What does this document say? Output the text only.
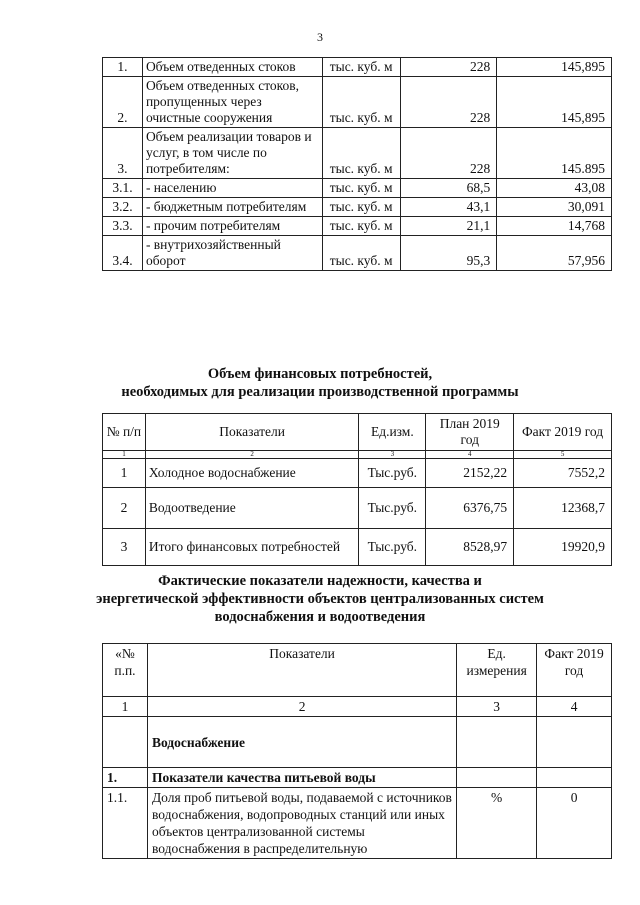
3
1.	Объем отведенных стоков	тыс. куб. м	228	145,895
2.	Объем отведенных стоков, пропущенных через очистные сооружения	тыс. куб. м	228	145,895
3.	Объем реализации товаров и услуг, в том числе по потребителям:	тыс. куб. м	228	145.895
3.1.	- населению	тыс. куб. м	68,5	43,08
3.2.	- бюджетным потребителям	тыс. куб. м	43,1	30,091
3.3.	- прочим потребителям	тыс. куб. м	21,1	14,768
3.4.	- внутрихозяйственный оборот	тыс. куб. м	95,3	57,956
Объем финансовых потребностей,
необходимых для реализации производственной программы
№ п/п	Показатели	Ед.изм.	План 2019 год	Факт 2019 год
1	2	3	4	5
1	Холодное водоснабжение	Тыс.руб.	2152,22	7552,2
2	Водоотведение	Тыс.руб.	6376,75	12368,7
3	Итого финансовых потребностей	Тыс.руб.	8528,97	19920,9
Фактические показатели надежности, качества и
энергетической эффективности объектов централизованных систем
водоснабжения и водоотведения
«№ п.п.	Показатели	Ед. измерения	Факт 2019 год
1	2	3	4
	Водоснабжение		
1.	Показатели качества питьевой воды		
1.1.	Доля проб питьевой воды, подаваемой с источников водоснабжения, водопроводных станций или иных объектов централизованной системы водоснабжения в распределительную	%	0
